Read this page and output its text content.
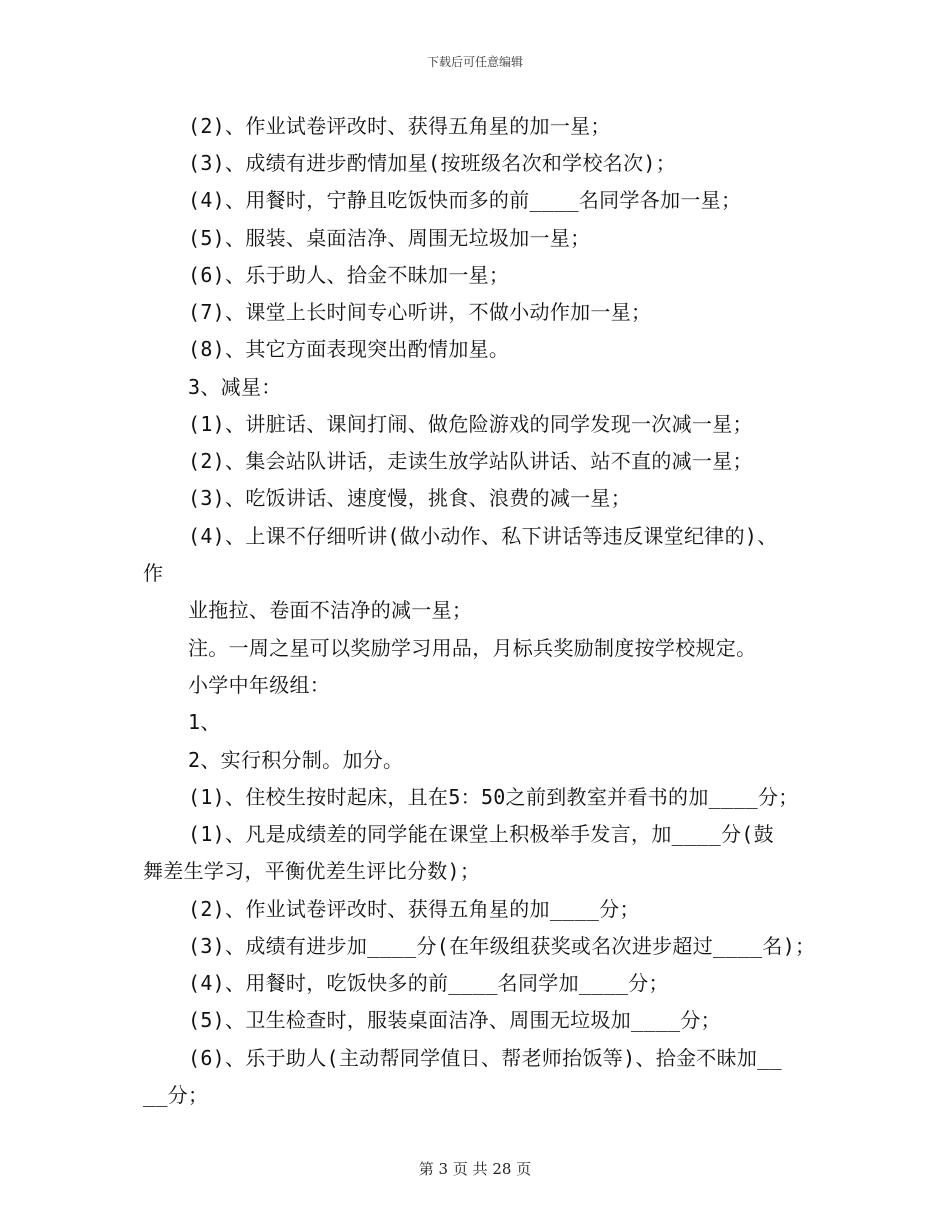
下载后可任意编辑
(2)、作业试卷评改时、获得五角星的加一星；
(3)、成绩有进步酌情加星(按班级名次和学校名次)；
(4)、用餐时，宁静且吃饭快而多的前____名同学各加一星；
(5)、服装、桌面洁净、周围无垃圾加一星；
(6)、乐于助人、拾金不昧加一星；
(7)、课堂上长时间专心听讲，不做小动作加一星；
(8)、其它方面表现突出酌情加星。
3、减星：
(1)、讲脏话、课间打闹、做危险游戏的同学发现一次减一星；
(2)、集会站队讲话，走读生放学站队讲话、站不直的减一星；
(3)、吃饭讲话、速度慢，挑食、浪费的减一星；
(4)、上课不仔细听讲(做小动作、私下讲话等违反课堂纪律的)、
作
业拖拉、卷面不洁净的减一星；
注。一周之星可以奖励学习用品，月标兵奖励制度按学校规定。
小学中年级组：
1、
2、实行积分制。加分。
(1)、住校生按时起床，且在5：50之前到教室并看书的加____分；
(1)、凡是成绩差的同学能在课堂上积极举手发言，加____分(鼓
舞差生学习，平衡优差生评比分数)；
(2)、作业试卷评改时、获得五角星的加____分；
(3)、成绩有进步加____分(在年级组获奖或名次进步超过____名)；
(4)、用餐时，吃饭快多的前____名同学加____分；
(5)、卫生检查时，服装桌面洁净、周围无垃圾加____分；
(6)、乐于助人(主动帮同学值日、帮老师抬饭等)、拾金不昧加__
__分；
第 3 页 共 28 页
